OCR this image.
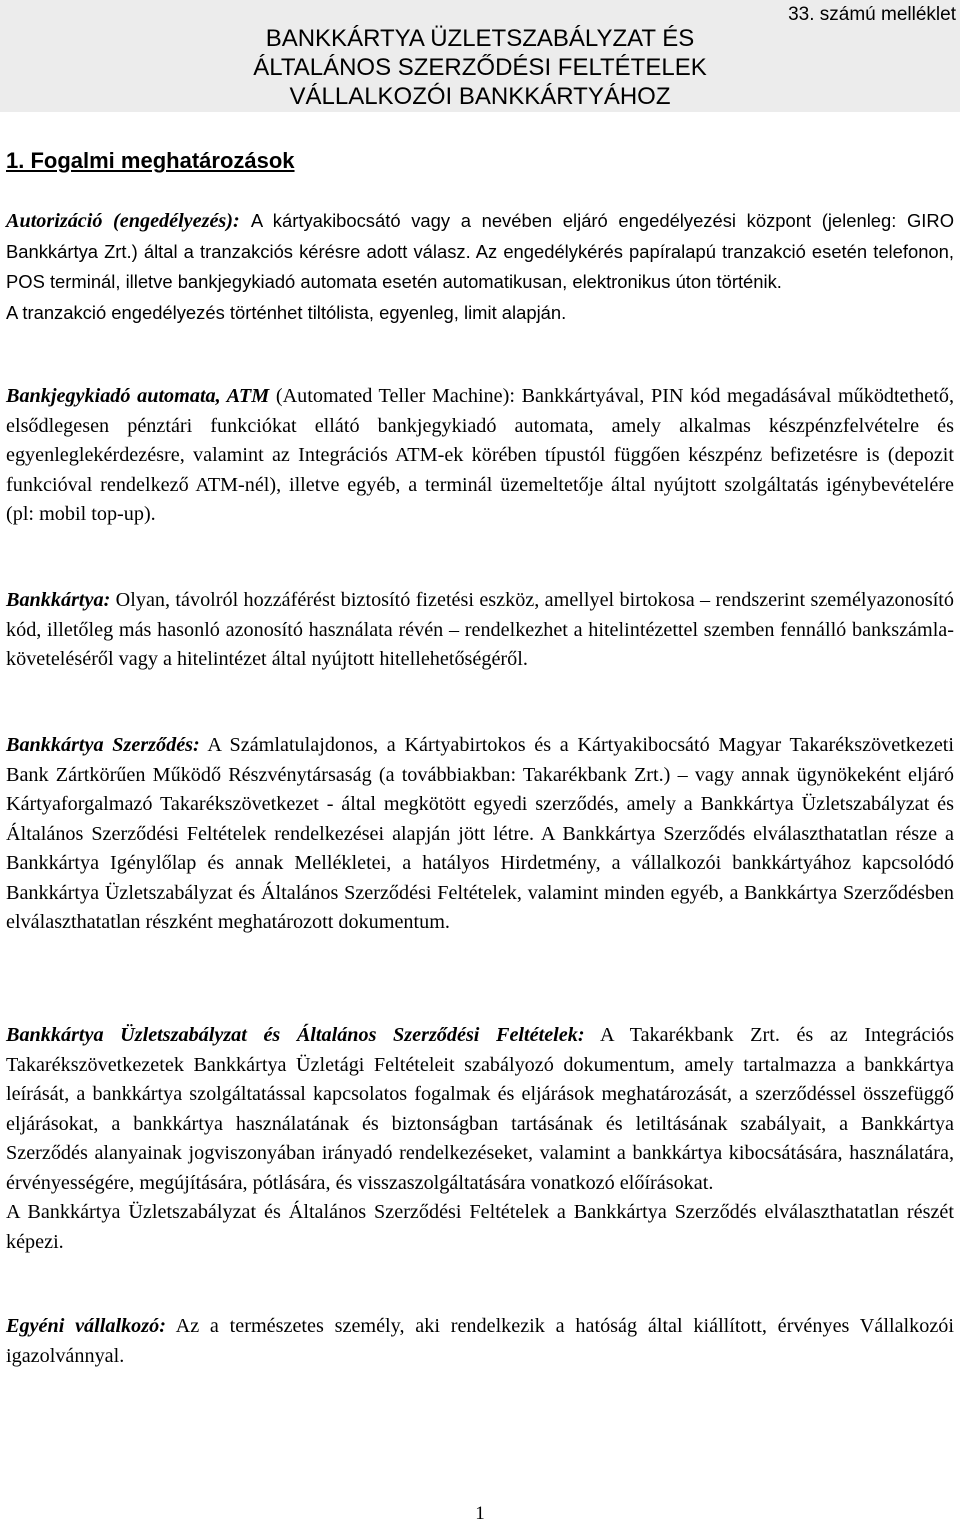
BANKKÁRTYA ÜZLETSZABÁLYZAT ÉS
ÁLTALÁNOS SZERZŐDÉSI FELTÉTELEK
VÁLLALKOZÓI BANKKÁRTYÁHOZ
33. számú melléklet
1. Fogalmi meghatározások

Autorizáció (engedélyezés): A kártyakibocsátó vagy a nevében eljáró engedélyezési központ (jelenleg: GIRO Bankkártya Zrt.) által a tranzakciós kérésre adott válasz. Az engedélykérés papíralapú tranzakció esetén telefonon, POS terminál, illetve bankjegykiadó automata esetén automatikusan, elektronikus úton történik.

A tranzakció engedélyezés történhet tiltólista, egyenleg, limit alapján.

Bankjegykiadó automata, ATM (Automated Teller Machine): Bankkártyával, PIN kód megadásával működtethető, elsődlegesen pénztári funkciókat ellátó bankjegykiadó automata, amely alkalmas készpénzfelvételre és egyenleglekérdezésre, valamint az Integrációs ATM-ek körében típustól függően készpénz befizetésre is (depozit funkcióval rendelkező ATM-nél), illetve egyéb, a terminál üzemeltetője által nyújtott szolgáltatás igénybevételére (pl: mobil top-up).

Bankkártya: Olyan, távolról hozzáférést biztosító fizetési eszköz, amellyel birtokosa – rendszerint személyazonosító kód, illetőleg más hasonló azonosító használata révén – rendelkezhet a hitelintézettel szemben fennálló bankszámla-követeléséről vagy a hitelintézet által nyújtott hitellehetőségéről.

Bankkártya Szerződés: A Számlatulajdonos, a Kártyabirtokos és a Kártyakibocsátó Magyar Takarékszövetkezeti Bank Zártkörűen Működő Részvénytársaság (a továbbiakban: Takarékbank Zrt.) – vagy annak ügynökeként eljáró Kártyaforgalmazó Takarékszövetkezet - által megkötött egyedi szerződés, amely a Bankkártya Üzletszabályzat és Általános Szerződési Feltételek rendelkezései alapján jött létre. A Bankkártya Szerződés elválaszthatatlan része a Bankkártya Igénylőlap és annak Mellékletei, a hatályos Hirdetmény, a vállalkozói bankkártyához kapcsolódó Bankkártya Üzletszabályzat és Általános Szerződési Feltételek, valamint minden egyéb, a Bankkártya Szerződésben elválaszthatatlan részként meghatározott dokumentum.

Bankkártya Üzletszabályzat és Általános Szerződési Feltételek: A Takarékbank Zrt. és az Integrációs Takarékszövetkezetek Bankkártya Üzletági Feltételeit szabályozó dokumentum, amely tartalmazza a bankkártya leírását, a bankkártya szolgáltatással kapcsolatos fogalmak és eljárások meghatározását, a szerződéssel összefüggő eljárásokat, a bankkártya használatának és biztonságban tartásának és letiltásának szabályait, a Bankkártya Szerződés alanyainak jogviszonyában irányadó rendelkezéseket, valamint a bankkártya kibocsátására, használatára, érvényességére, megújítására, pótlására, és visszaszolgáltatására vonatkozó előírásokat.

A Bankkártya Üzletszabályzat és Általános Szerződési Feltételek a Bankkártya Szerződés elválaszthatatlan részét képezi.

Egyéni vállalkozó: Az a természetes személy, aki rendelkezik a hatóság által kiállított, érvényes Vállalkozói igazolvánnyal.

1
